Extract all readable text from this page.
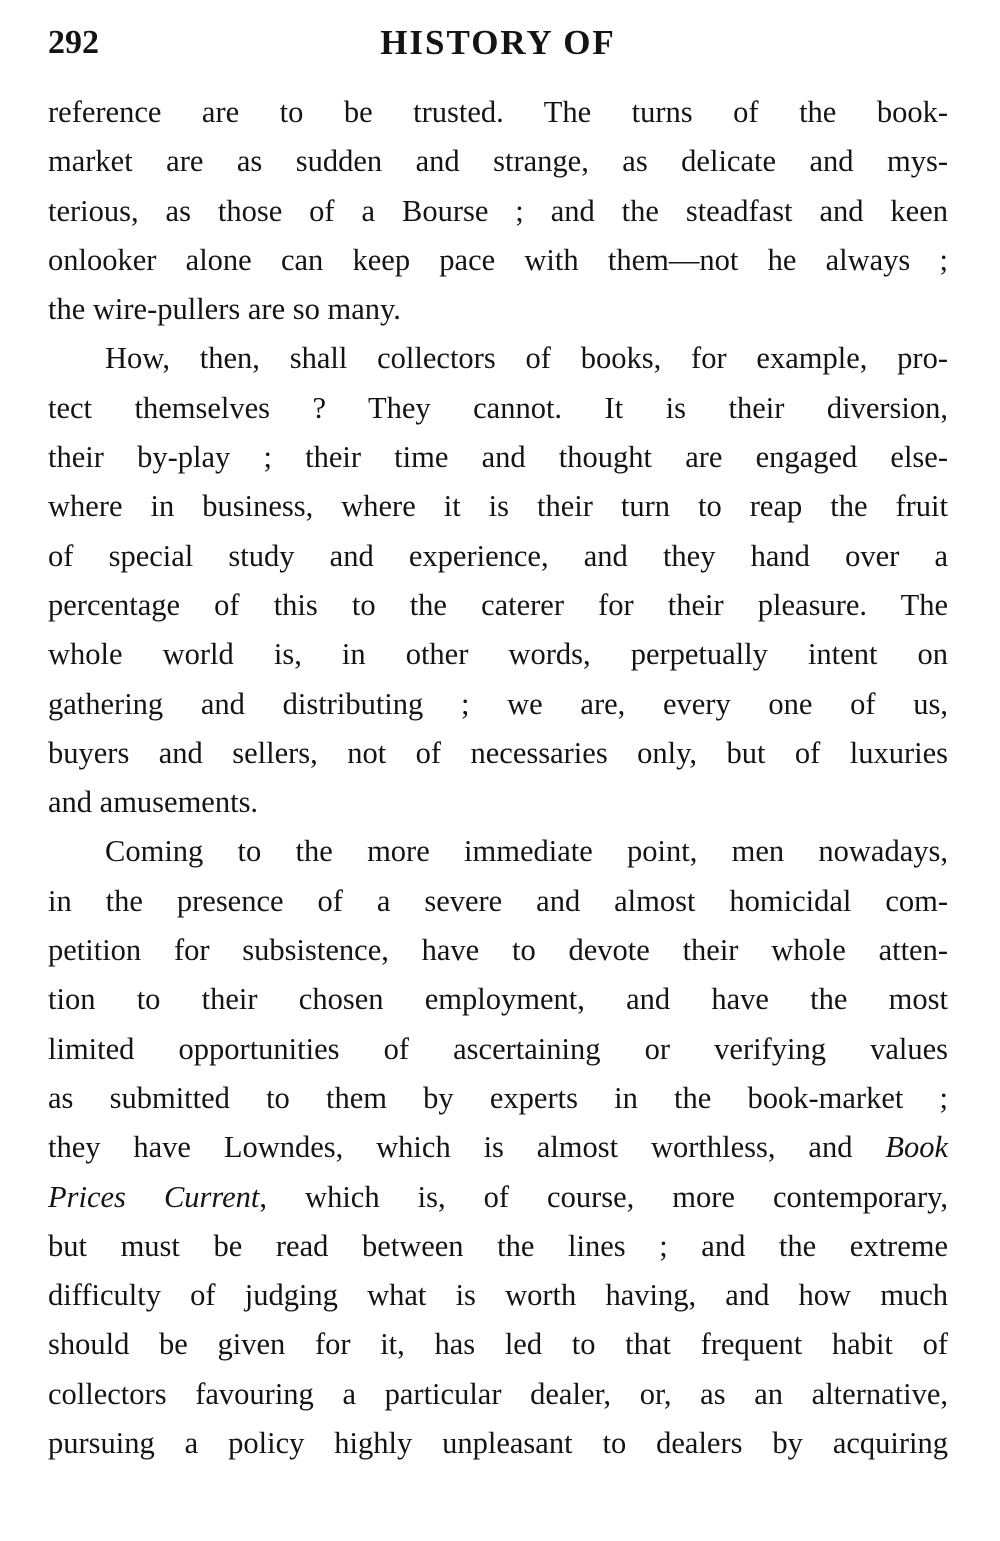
292	HISTORY OF
reference are to be trusted. The turns of the book-
market are as sudden and strange, as delicate and mys-
terious, as those of a Bourse ; and the steadfast and keen
onlooker alone can keep pace with them—not he always ;
the wire-pullers are so many.
How, then, shall collectors of books, for example, pro-
tect themselves ? They cannot. It is their diversion,
their by-play ; their time and thought are engaged else-
where in business, where it is their turn to reap the fruit
of special study and experience, and they hand over a
percentage of this to the caterer for their pleasure. The
whole world is, in other words, perpetually intent on
gathering and distributing ; we are, every one of us,
buyers and sellers, not of necessaries only, but of luxuries
and amusements.
Coming to the more immediate point, men nowadays,
in the presence of a severe and almost homicidal com-
petition for subsistence, have to devote their whole atten-
tion to their chosen employment, and have the most
limited opportunities of ascertaining or verifying values
as submitted to them by experts in the book-market ;
they have Lowndes, which is almost worthless, and Book
Prices Current, which is, of course, more contemporary,
but must be read between the lines ; and the extreme
difficulty of judging what is worth having, and how much
should be given for it, has led to that frequent habit of
collectors favouring a particular dealer, or, as an alternative,
pursuing a policy highly unpleasant to dealers by acquiring
